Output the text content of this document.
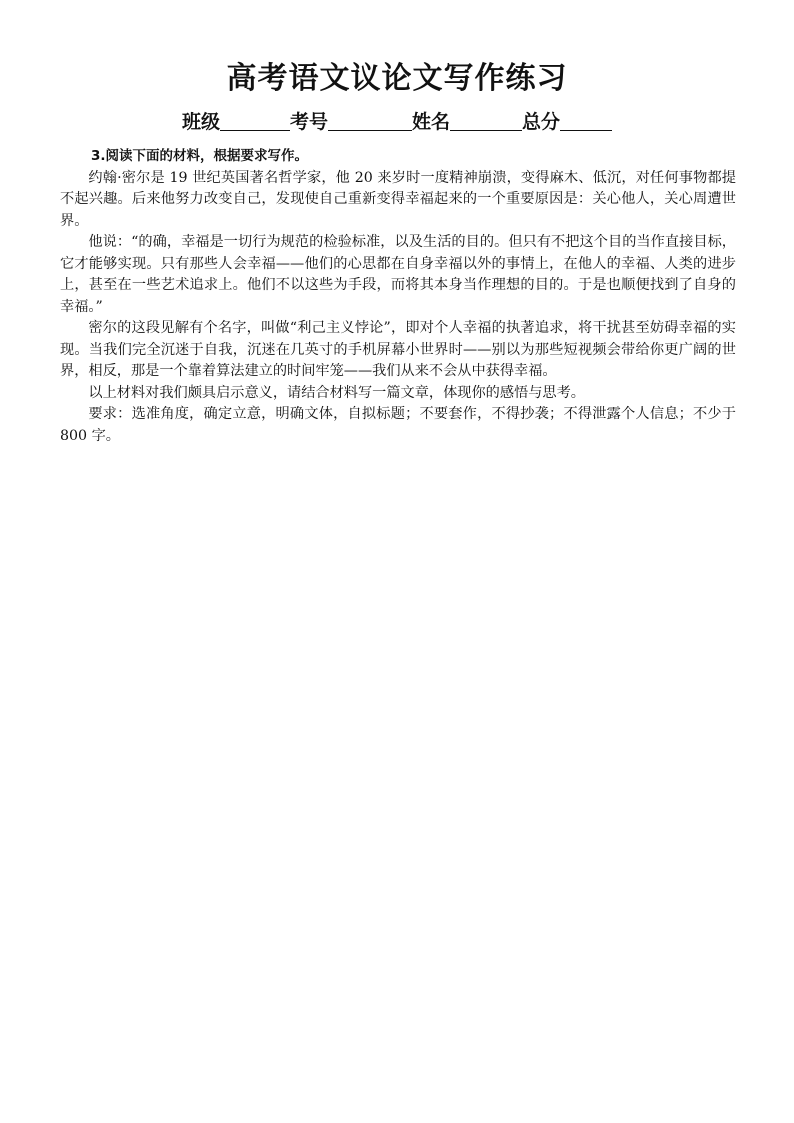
高考语文议论文写作练习
班级	考号	姓名	总分

3.阅读下面的材料，根据要求写作。

约翰·密尔是 19 世纪英国著名哲学家，他 20 来岁时一度精神崩溃，变得麻木、低沉，对任何事物都提不起兴趣。后来他努力改变自己，发现使自己重新变得幸福起来的一个重要原因是：关心他人，关心周遭世界。

他说：“的确，幸福是一切行为规范的检验标准，以及生活的目的。但只有不把这个目的当作直接目标，它才能够实现。只有那些人会幸福——他们的心思都在自身幸福以外的事情上，在他人的幸福、人类的进步上，甚至在一些艺术追求上。他们不以这些为手段，而将其本身当作理想的目的。于是也顺便找到了自身的幸福。”

密尔的这段见解有个名字，叫做“利己主义悖论”，即对个人幸福的执著追求，将干扰甚至妨碍幸福的实现。当我们完全沉迷于自我，沉迷在几英寸的手机屏幕小世界时——别以为那些短视频会带给你更广阔的世界，相反，那是一个靠着算法建立的时间牢笼——我们从来不会从中获得幸福。

以上材料对我们颇具启示意义，请结合材料写一篇文章，体现你的感悟与思考。

要求：选准角度，确定立意，明确文体，自拟标题；不要套作，不得抄袭；不得泄露个人信息；不少于 800 字。
